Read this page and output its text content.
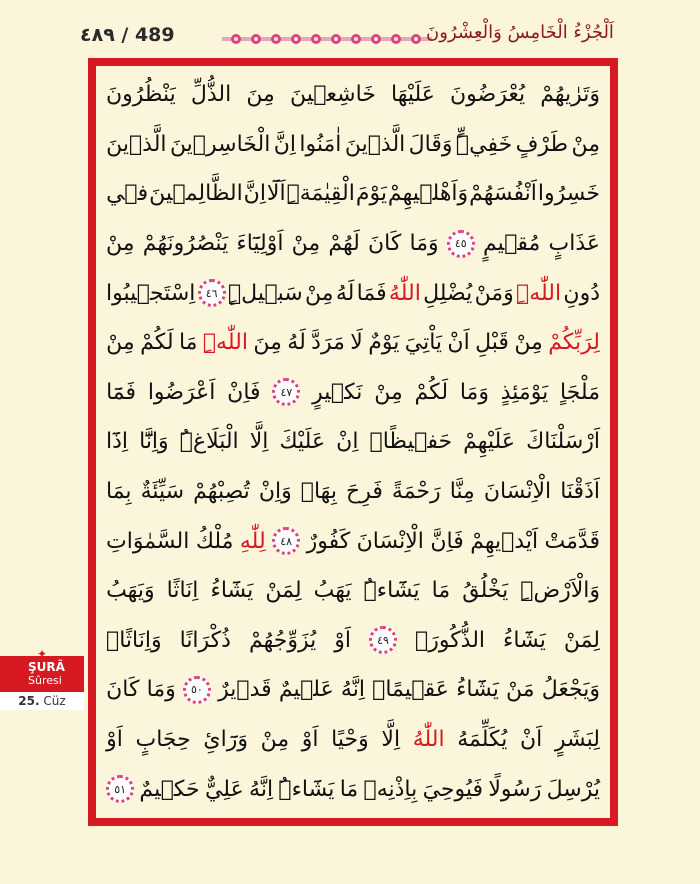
٤٨٩ / 489	اَلْجُزْءُ الْخَامِسُ وَالْعِشْرُونَ
وَتَرٰيهُمْ
يُعْرَضُونَ
عَلَيْهَا
خَاشِعٖينَ
مِنَ
الذُّلِّ
يَنْظُرُونَ
مِنْ
طَرْفٍ
خَفِيٍّۜ
وَقَالَ
الَّذٖينَ
اٰمَنُوا
اِنَّ
الْخَاسِرٖينَ
الَّذٖينَ
خَسِرُوا
اَنْفُسَهُمْ
وَاَهْلٖيهِمْ
يَوْمَ
الْقِيٰمَةِۜ
اَلَٓا
اِنَّ
الظَّالِمٖينَ
فٖي
عَذَابٍ
مُقٖيمٍ
٤٥
وَمَا
كَانَ
لَهُمْ
مِنْ
اَوْلِيَٓاءَ
يَنْصُرُونَهُمْ
مِنْ
دُونِ
اللّٰهِۜ
وَمَنْ
يُضْلِلِ
اللّٰهُ
فَمَا
لَهُ
مِنْ
سَبٖيلٍۜ
٤٦
اِسْتَجٖيبُوا
لِرَبِّكُمْ
مِنْ
قَبْلِ
اَنْ
يَاْتِيَ
يَوْمٌ
لَا
مَرَدَّ
لَهُ
مِنَ
اللّٰهِۜ
مَا
لَكُمْ
مِنْ
مَلْجَاٍ
يَوْمَئِذٍ
وَمَا
لَكُمْ
مِنْ
نَكٖيرٍ
٤٧
فَاِنْ
اَعْرَضُوا
فَمَٓا
اَرْسَلْنَاكَ
عَلَيْهِمْ
حَفٖيظًاۜ
اِنْ
عَلَيْكَ
اِلَّا
الْبَلَاغُۜ
وَاِنَّٓا
اِذَٓا
اَذَقْنَا
الْاِنْسَانَ
مِنَّا
رَحْمَةً
فَرِحَ
بِهَاۚ
وَاِنْ
تُصِبْهُمْ
سَيِّئَةٌ
بِمَا
قَدَّمَتْ
اَيْدٖيهِمْ
فَاِنَّ
الْاِنْسَانَ
كَفُورٌ
٤٨
لِلّٰهِ
مُلْكُ
السَّمٰوَاتِ
وَالْاَرْضِۜ
يَخْلُقُ
مَا
يَشَٓاءُۜ
يَهَبُ
لِمَنْ
يَشَٓاءُ
اِنَاثًا
وَيَهَبُ
لِمَنْ
يَشَٓاءُ
الذُّكُورَۙ
٤٩
اَوْ
يُزَوِّجُهُمْ
ذُكْرَانًا
وَاِنَاثًاۚ
وَيَجْعَلُ
مَنْ
يَشَٓاءُ
عَقٖيمًاۜ
اِنَّهُ
عَلٖيمٌ
قَدٖيرٌ
٥٠
وَمَا
كَانَ
لِبَشَرٍ
اَنْ
يُكَلِّمَهُ
اللّٰهُ
اِلَّا
وَحْيًا
اَوْ
مِنْ
وَرَٓائِ
حِجَابٍ
اَوْ
يُرْسِلَ
رَسُولًا
فَيُوحِيَ
بِاِذْنِهٖ
مَا
يَشَٓاءُۜ
اِنَّهُ
عَلِيٌّ
حَكٖيمٌ
٥١
✦
ŞURÂ
Sûresi
25. Cüz
